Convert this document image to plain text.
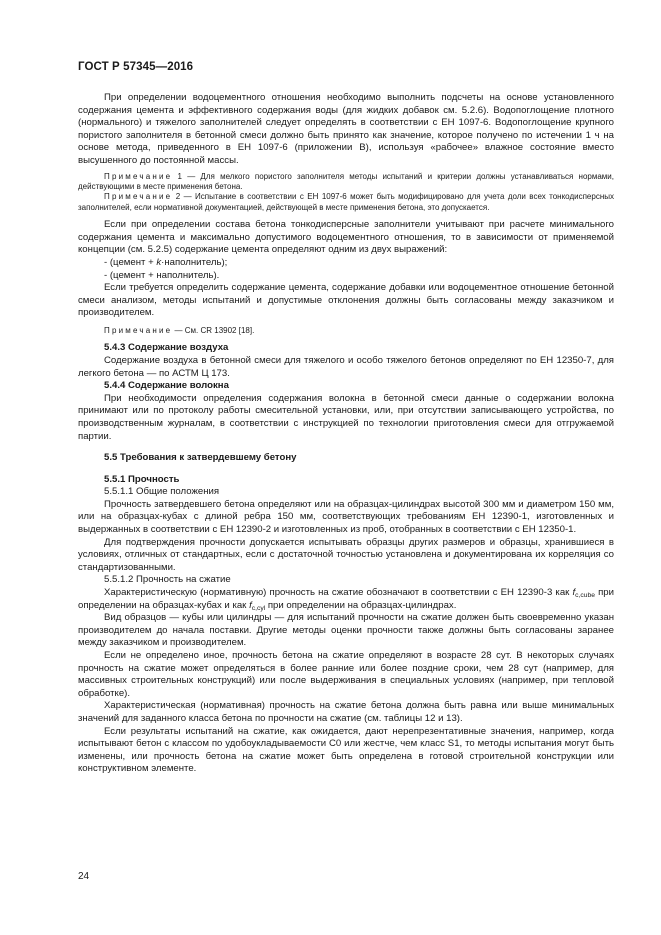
ГОСТ Р 57345—2016

При определении водоцементного отношения необходимо выполнить подсчеты на основе установленного содержания цемента и эффективного содержания воды (для жидких добавок см. 5.2.6). Водопоглощение плотного (нормального) и тяжелого заполнителей следует определять в соответствии с ЕН 1097-6. Водопоглощение крупного пористого заполнителя в бетонной смеси должно быть принято как значение, которое получено по истечении 1 ч на основе метода, приведенного в ЕН 1097-6 (приложении В), используя «рабочее» влажное состояние вместо высушенного до постоянной массы.

Примечание 1 — Для мелкого пористого заполнителя методы испытаний и критерии должны устанавливаться нормами, действующими в месте применения бетона.

Примечание 2 — Испытание в соответствии с ЕН 1097-6 может быть модифицировано для учета доли всех тонкодисперсных заполнителей, если нормативной документацией, действующей в месте применения бетона, это допускается.

Если при определении состава бетона тонкодисперсные заполнители учитывают при расчете минимального содержания цемента и максимально допустимого водоцементного отношения, то в зависимости от применяемой концепции (см. 5.2.5) содержание цемента определяют одним из двух выражений:

- (цемент + k·наполнитель);

- (цемент + наполнитель).

Если требуется определить содержание цемента, содержание добавки или водоцементное отношение бетонной смеси анализом, методы испытаний и допустимые отклонения должны быть согласованы между заказчиком и производителем.

Примечание — См. CR 13902 [18].

5.4.3 Содержание воздуха

Содержание воздуха в бетонной смеси для тяжелого и особо тяжелого бетонов определяют по ЕН 12350-7, для легкого бетона — по АСТМ Ц 173.

5.4.4 Содержание волокна

При необходимости определения содержания волокна в бетонной смеси данные о содержании волокна принимают или по протоколу работы смесительной установки, или, при отсутствии записывающего устройства, по производственным журналам, в соответствии с инструкцией по технологии приготовления смеси для отгружаемой партии.

5.5 Требования к затвердевшему бетону

5.5.1 Прочность

5.5.1.1 Общие положения

Прочность затвердевшего бетона определяют или на образцах-цилиндрах высотой 300 мм и диаметром 150 мм, или на образцах-кубах с длиной ребра 150 мм, соответствующих требованиям ЕН 12390-1, изготовленных и выдержанных в соответствии с ЕН 12390-2 и изготовленных из проб, отобранных в соответствии с ЕН 12350-1.

Для подтверждения прочности допускается испытывать образцы других размеров и образцы, хранившиеся в условиях, отличных от стандартных, если с достаточной точностью установлена и документирована их корреляция со стандартизованными.

5.5.1.2 Прочность на сжатие

Характеристическую (нормативную) прочность на сжатие обозначают в соответствии с ЕН 12390-3 как $f_{c,cube}$ при определении на образцах-кубах и как $f_{c,cyl}$ при определении на образцах-цилиндрах.

Вид образцов — кубы или цилиндры — для испытаний прочности на сжатие должен быть своевременно указан производителем до начала поставки. Другие методы оценки прочности также должны быть согласованы заранее между заказчиком и производителем.

Если не определено иное, прочность бетона на сжатие определяют в возрасте 28 сут. В некоторых случаях прочность на сжатие может определяться в более ранние или более поздние сроки, чем 28 сут (например, для массивных строительных конструкций) или после выдерживания в специальных условиях (например, при тепловой обработке).

Характеристическая (нормативная) прочность на сжатие бетона должна быть равна или выше минимальных значений для заданного класса бетона по прочности на сжатие (см. таблицы 12 и 13).

Если результаты испытаний на сжатие, как ожидается, дают нерепрезентативные значения, например, когда испытывают бетон с классом по удобоукладываемости С0 или жестче, чем класс S1, то методы испытания могут быть изменены, или прочность бетона на сжатие может быть определена в готовой строительной конструкции или конструктивном элементе.

24
